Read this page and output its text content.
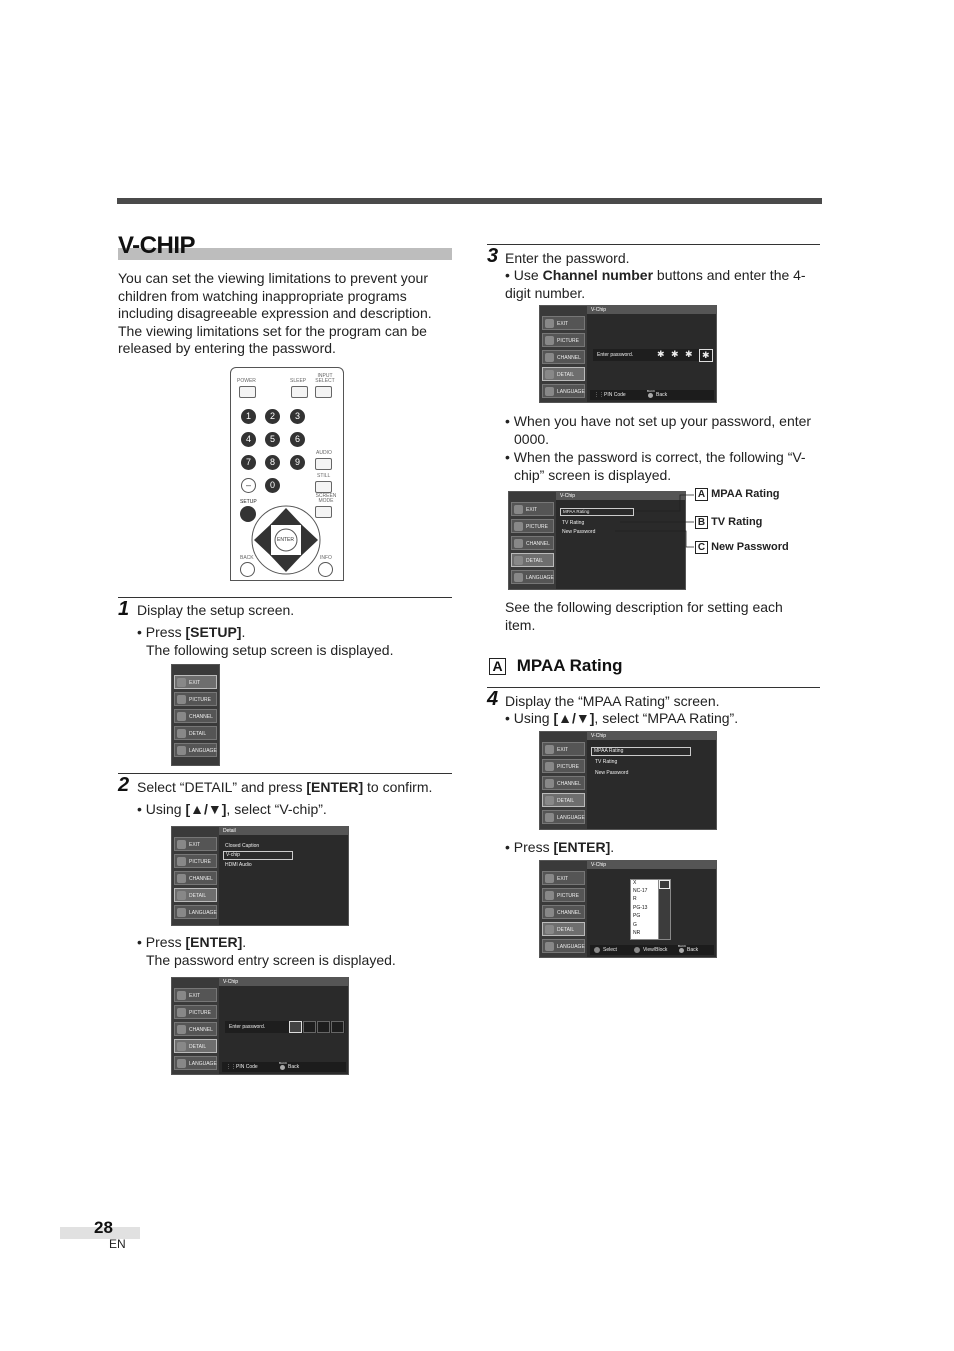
V-CHIP
You can set the viewing limitations to prevent your children from watching inappropriate programs including disagreeable expression and description. The viewing limitations set for the program can be released by entering the password.
POWER	SLEEP
INPUT SELECT
1	2	3
4	5	6
7	8	9
–	0
AUDIO
STILL
SCREEN MODE
SETUP
ENTER
BACK	INFO
1 Display the setup screen.
• Press [SETUP].
The following setup screen is displayed.
EXIT
PICTURE
CHANNEL
DETAIL
LANGUAGE
2 Select “DETAIL” and press [ENTER] to confirm.
• Using [▲/▼], select “V-chip”.
EXIT
PICTURE
CHANNEL
DETAIL
LANGUAGE
Detail
Closed Caption
V-chip
HDMI Audio
• Press [ENTER].
The password entry screen is displayed.
EXIT
PICTURE
CHANNEL
DETAIL
LANGUAGE
V-Chip
Enter password.
⋮⋮ PIN Code
BACK
Back
3 Enter the password.
• Use Channel number buttons and enter the 4-digit number.
EXIT
PICTURE
CHANNEL
DETAIL
LANGUAGE
V-Chip
Enter password.	✱ ✱ ✱	✱
⋮⋮ PIN Code
BACK
Back
• When you have not set up your password, enter 0000.
• When the password is correct, the following “V-chip” screen is displayed.
EXIT
PICTURE
CHANNEL
DETAIL
LANGUAGE
V-Chip
MPAA Rating
TV Rating
New Password
A MPAA Rating
B TV Rating
C New Password
See the following description for setting each item.
A MPAA Rating
4 Display the “MPAA Rating” screen.
• Using [▲/▼], select “MPAA Rating”.
EXIT
PICTURE
CHANNEL
DETAIL
LANGUAGE
V-Chip
MPAA Rating
TV Rating
New Password
• Press [ENTER].
EXIT
PICTURE
CHANNEL
DETAIL
LANGUAGE
V-Chip
X
NC-17
R
PG-13
PG
G
NR
Select	View/Block
BACK
Back
28
EN
